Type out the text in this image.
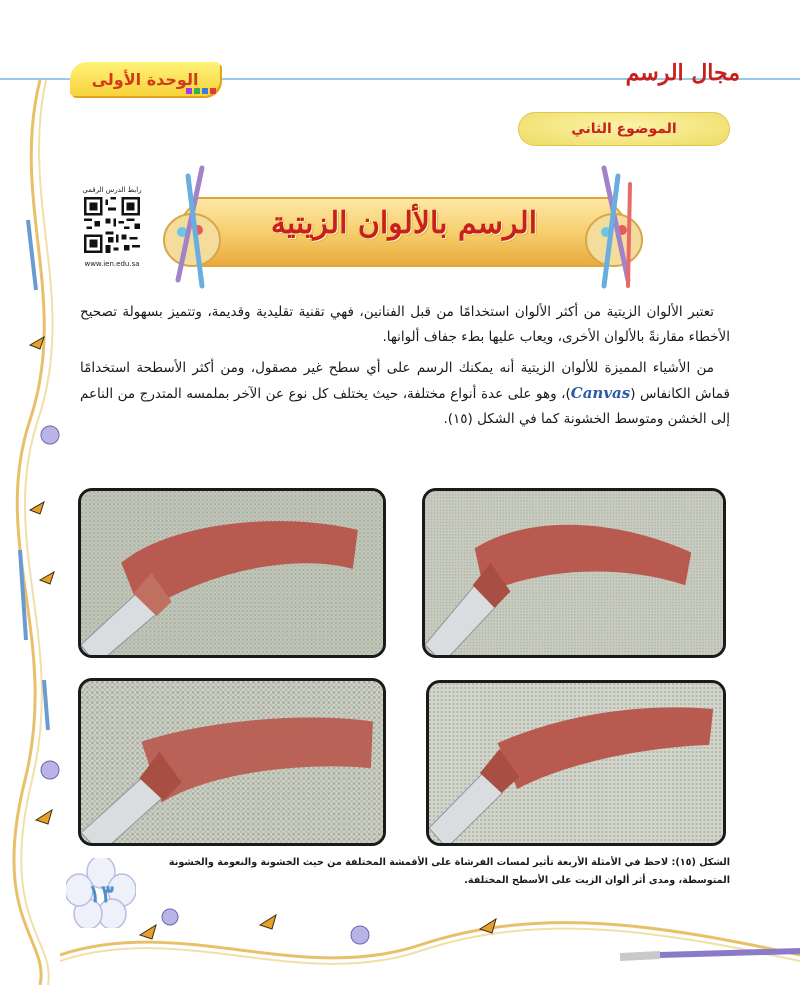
الوحدة الأولى	مجال الرسم
الموضوع الثاني
رابط الدرس الرقمي
www.ien.edu.sa
الرسم بالألوان الزيتية

تعتبر الألوان الزيتية من أكثر الألوان استخدامًا من قبل الفنانين، فهي تقنية تقليدية وقديمة، وتتميز بسهولة تصحيح الأخطاء مقارنةً بالألوان الأخرى، ويعاب عليها بطء جفاف ألوانها.

من الأشياء المميزة للألوان الزيتية أنه يمكنك الرسم على أي سطح غير مصقول، ومن أكثر الأسطحة استخدامًا قماش الكانفاس (Canvas)، وهو على عدة أنواع مختلفة، حيث يختلف كل نوع عن الآخر بملمسه المتدرج من الناعم إلى الخشن ومتوسط الخشونة كما في الشكل (١٥).

الشكل (١٥): لاحظ في الأمثلة الأربعة تأثير لمسات الفرشاة على الأقمشة المختلفة من حيث الخشونة والنعومة والخشونة المتوسطة، ومدى أثر ألوان الزيت على الأسطح المختلفة.
١٣
